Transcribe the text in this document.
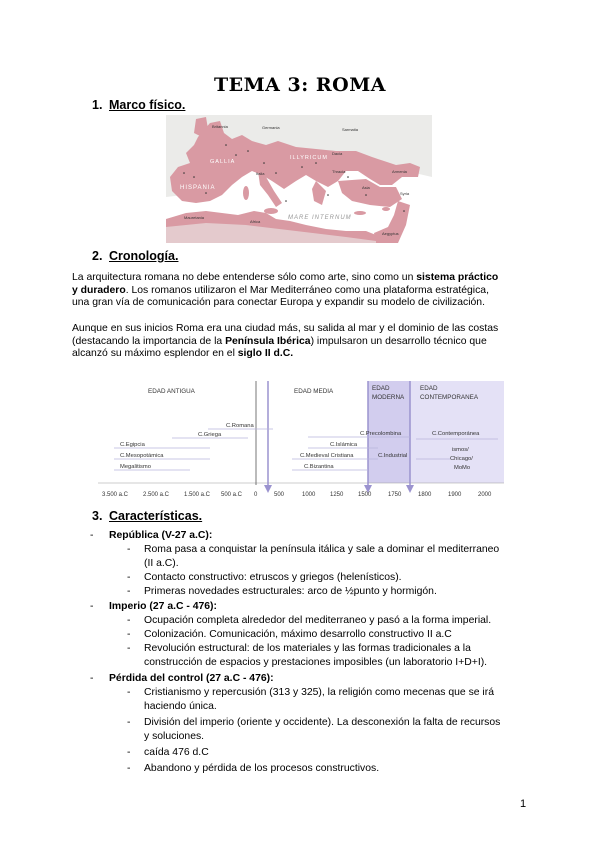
TEMA 3: ROMA
1. Marco físico.
GALLIA
ILLYRICUM
HISPANIA
MARE INTERNUM
Britannia	Germania	Sarmatia
Dacia
Thracia
Asia
Syria
Aegyptus
Africa
Mauretania
Italia	Armenia
2. Cronología.
La arquitectura romana no debe entenderse sólo como arte, sino como un sistema práctico
y duradero. Los romanos utilizaron el Mar Mediterráneo como una plataforma estratégica,
una gran vía de comunicación para conectar Europa y expandir su modelo de civilización.
Aunque en sus inicios Roma era una ciudad más, su salida al mar y el dominio de las costas
(destacando la importancia de la Península Ibérica) impulsaron un desarrollo técnico que
alcanzó su máximo esplendor en el siglo II d.C.
EDAD ANTIGUA	EDAD MEDIA	EDAD
MODERNA
EDAD
CONTEMPORANEA
C.Romana
C.Griega
C.Egipcia
C.Mesopotámica
Megalitismo
C.Precolombina
C.Islámica
C.Medieval Cristiana
C.Bizantina
C.Contemporánea
C.Industrial
ismos/
Chicago/
MoMo
3.500 a.C 2.500 a.C 1.500 a.C 500 a.C 0	500	1000 1250 1500	1750	1800	1900	2000
3. Características.
- República (V-27 a.C):
- Roma pasa a conquistar la península itálica y sale a dominar el mediterraneo
(II a.C).
- Contacto constructivo: etruscos y griegos (helenísticos).
- Primeras novedades estructurales: arco de ½punto y hormigón.
- Imperio (27 a.C - 476):
- Ocupación completa alrededor del mediterraneo y pasó a la forma imperial.
- Colonización. Comunicación, máximo desarrollo constructivo II a.C
- Revolución estructural: de los materiales y las formas tradicionales a la
construcción de espacios y prestaciones imposibles (un laboratorio I+D+I).
- Pérdida del control (27 a.C - 476):
- Cristianismo y repercusión (313 y 325), la religión como mecenas que se irá
haciendo única.
- División del imperio (oriente y occidente). La desconexión la falta de recursos
y soluciones.
- caída 476 d.C
- Abandono y pérdida de los procesos constructivos.
1
